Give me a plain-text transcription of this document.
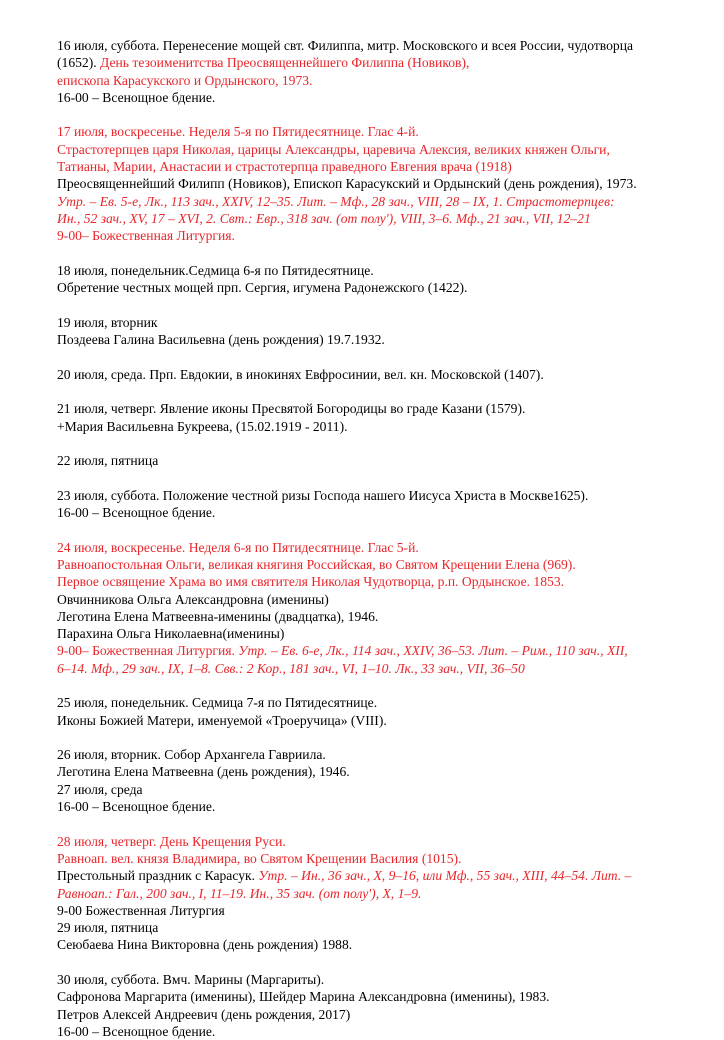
16 июля, суббота. Перенесение мощей свт. Филиппа, митр. Московского и всея России, чудотворца
(1652). День тезоименитства Преосвященнейшего Филиппа (Новиков),
епископа Карасукского и Ордынского, 1973.
16-00 – Всенощное бдение.
17 июля, воскресенье. Неделя 5-я по Пятидесятнице. Глас 4-й.
Страстотерпцев царя Николая, царицы Александры, царевича Алексия, великих княжен Ольги,
Татианы, Марии, Анастасии и страстотерпца праведного Евгения врача (1918)
Преосвященнейший Филипп (Новиков), Епископ Карасукский и Ордынский (день рождения), 1973.
Утр. – Ев. 5-е, Лк., 113 зач., XXIV, 12–35. Лит. – Мф., 28 зач., VIII, 28 – IX, 1. Страстотерпцев:
Ин., 52 зач., XV, 17 – XVI, 2. Свт.: Евр., 318 зач. (от полу'), VIII, 3–6. Мф., 21 зач., VII, 12–21
9-00– Божественная Литургия.
18 июля, понедельник.Седмица 6-я по Пятидесятнице.
Обретение честных мощей прп. Сергия, игумена Радонежского (1422).
19 июля, вторник
Поздеева Галина Васильевна (день рождения) 19.7.1932.
20 июля, среда. Прп. Евдокии, в инокинях Евфросинии, вел. кн. Московской (1407).
21 июля, четверг. Явление иконы Пресвятой Богородицы во граде Казани (1579).
+Мария Васильевна Букреева, (15.02.1919 - 2011).
22 июля, пятница
23 июля, суббота. Положение честной ризы Господа нашего Иисуса Христа в Москве1625).
16-00 – Всенощное бдение.
24 июля, воскресенье. Неделя 6-я по Пятидесятнице. Глас 5-й.
Равноапостольная Ольги, великая княгиня Российская, во Святом Крещении Елена (969).
Первое освящение Храма во имя святителя Николая Чудотворца, р.п. Ордынское. 1853.
Овчинникова Ольга Александровна (именины)
Леготина Елена Матвеевна-именины (двадцатка), 1946.
Парахина Ольга Николаевна(именины)
9-00– Божественная Литургия. Утр. – Ев. 6-е, Лк., 114 зач., XXIV, 36–53. Лит. – Рим., 110 зач., XII,
6–14. Мф., 29 зач., IX, 1–8. Свв.: 2 Кор., 181 зач., VI, 1–10. Лк., 33 зач., VII, 36–50
25 июля, понедельник. Седмица 7-я по Пятидесятнице.
Иконы Божией Матери, именуемой «Троеручица» (VIII).
26 июля, вторник. Собор Архангела Гавриила.
Леготина Елена Матвеевна (день рождения), 1946.
27 июля, среда
16-00 – Всенощное бдение.
28 июля, четверг. День Крещения Руси.
Равноап. вел. князя Владимира, во Святом Крещении Василия (1015).
Престольный праздник с Карасук. Утр. – Ин., 36 зач., X, 9–16, или Мф., 55 зач., XIII, 44–54. Лит. –
Равноап.: Гал., 200 зач., I, 11–19. Ин., 35 зач. (от полу'), X, 1–9.
9-00 Божественная Литургия
29 июля, пятница
Сеюбаева Нина Викторовна (день рождения) 1988.
30 июля, суббота. Вмч. Марины (Маргариты).
Сафронова Маргарита (именины), Шейдер Марина Александровна (именины), 1983.
Петров Алексей Андреевич (день рождения, 2017)
16-00 – Всенощное бдение.
